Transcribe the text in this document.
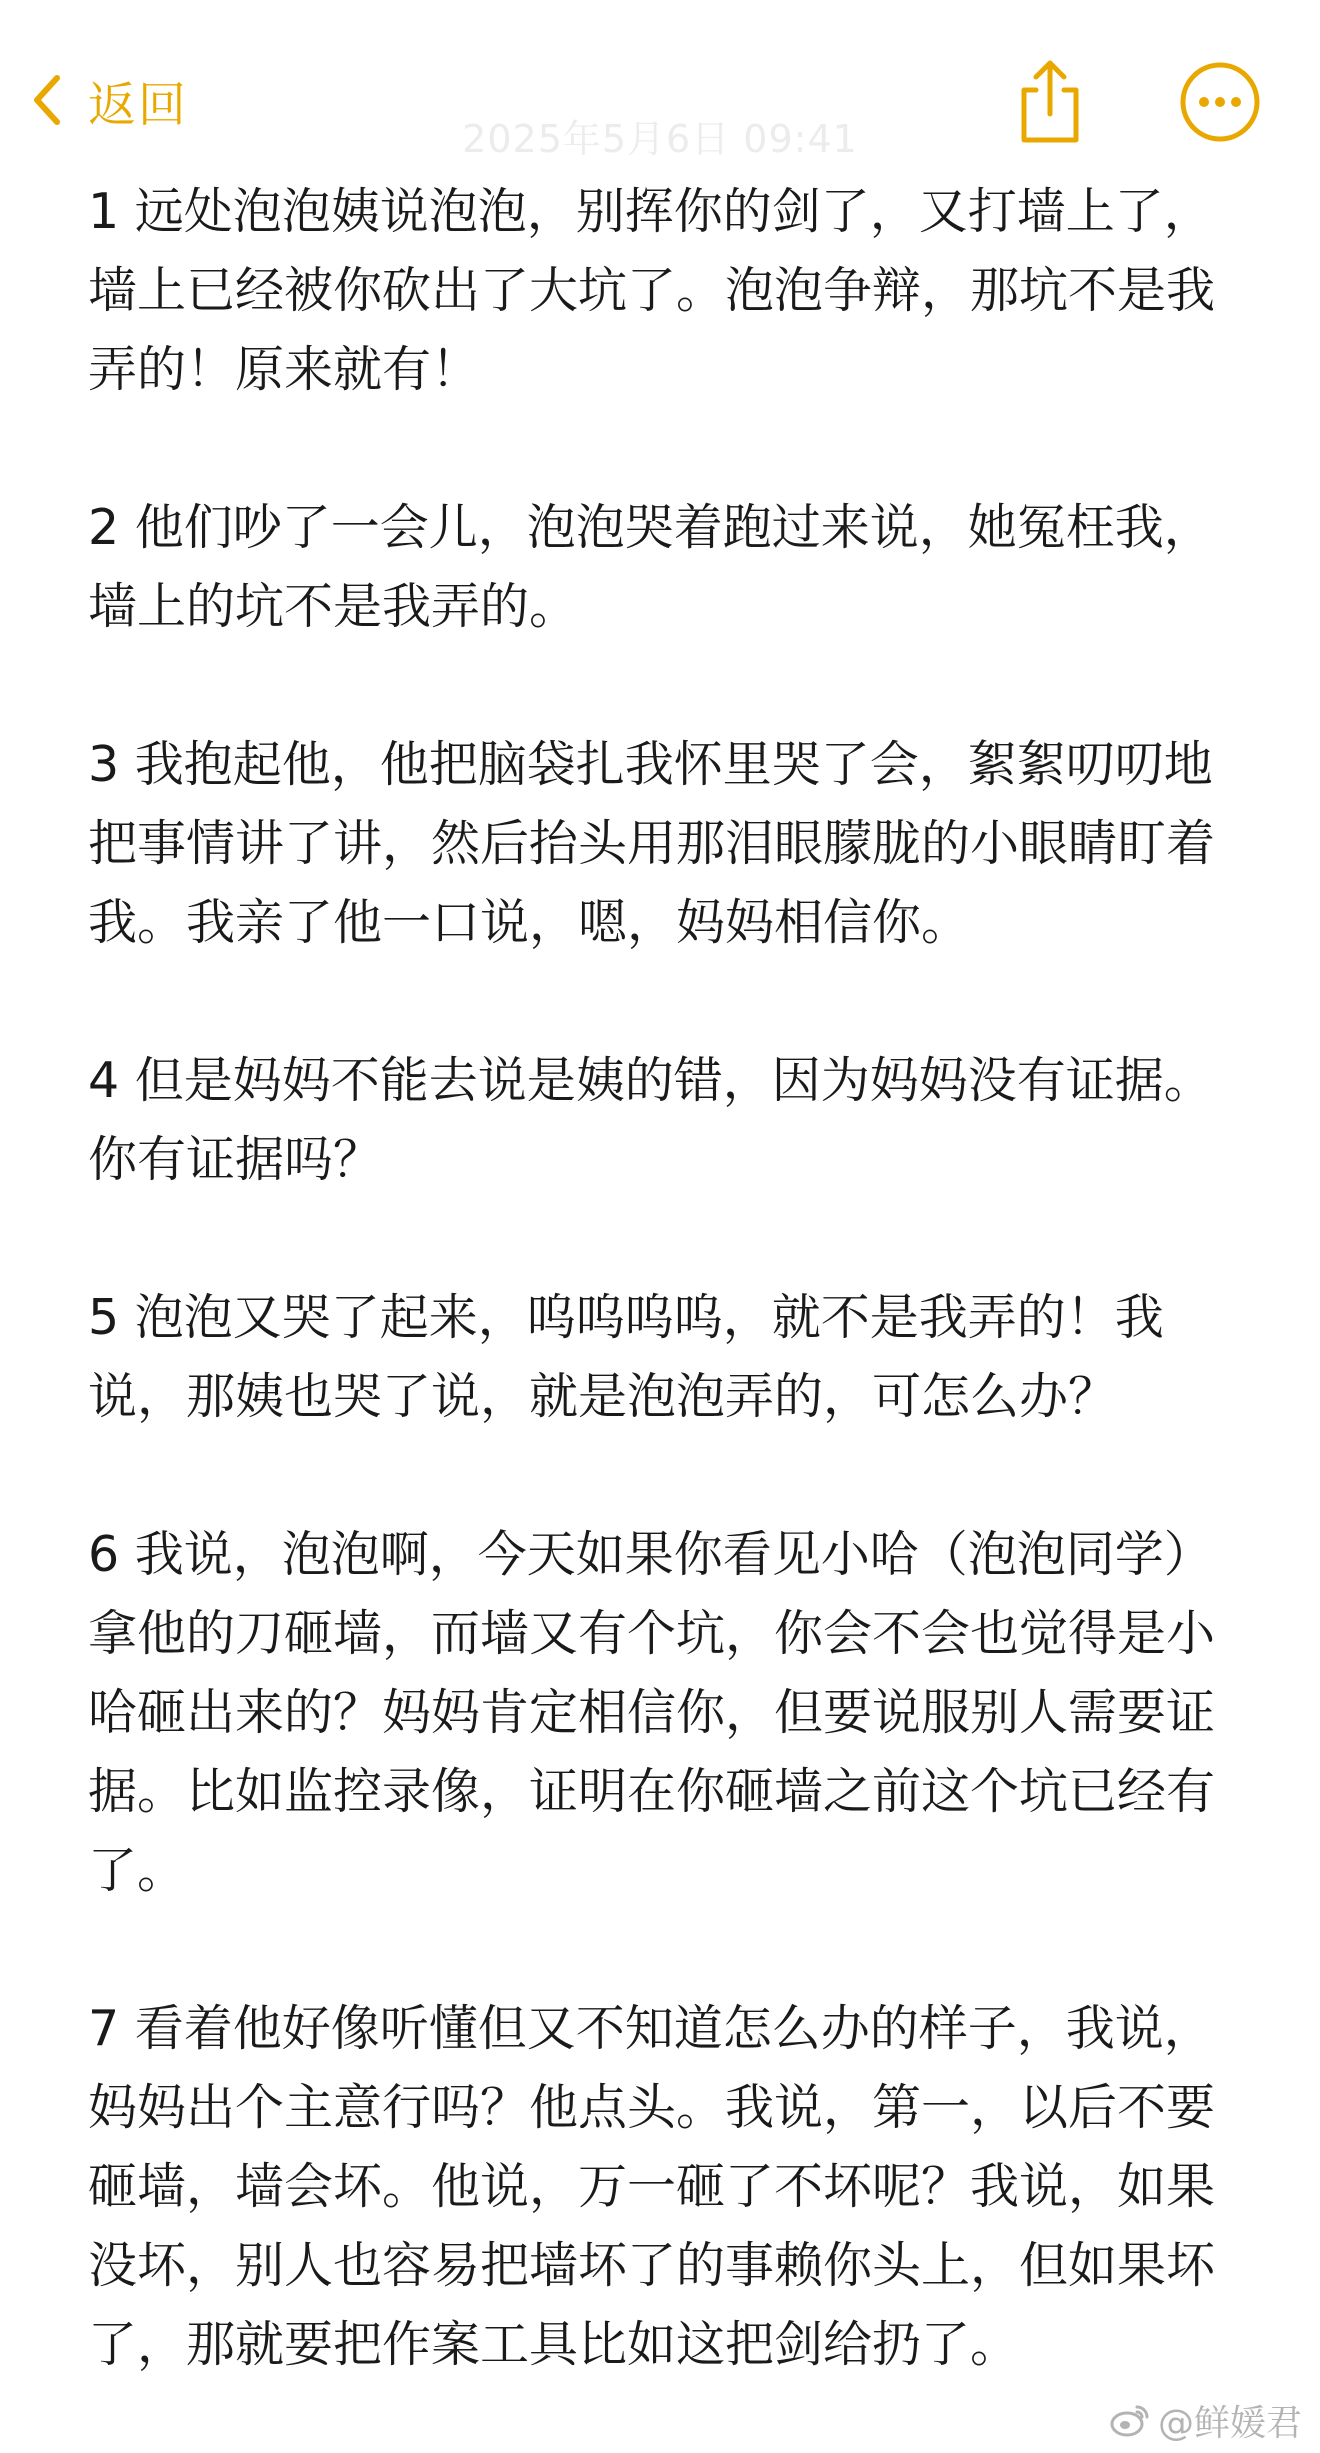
返回
2025年5月6日 09:41

1 远处泡泡姨说泡泡，别挥你的剑了，又打墙上了，墙上已经被你砍出了大坑了。泡泡争辩，那坑不是我弄的！原来就有！

2 他们吵了一会儿，泡泡哭着跑过来说，她冤枉我，墙上的坑不是我弄的。

3 我抱起他，他把脑袋扎我怀里哭了会，絮絮叨叨地把事情讲了讲，然后抬头用那泪眼朦胧的小眼睛盯着我。我亲了他一口说，嗯，妈妈相信你。

4 但是妈妈不能去说是姨的错，因为妈妈没有证据。你有证据吗？

5 泡泡又哭了起来，呜呜呜呜，就不是我弄的！我说，那姨也哭了说，就是泡泡弄的，可怎么办？

6 我说，泡泡啊，今天如果你看见小哈（泡泡同学）拿他的刀砸墙，而墙又有个坑，你会不会也觉得是小哈砸出来的？妈妈肯定相信你，但要说服别人需要证据。比如监控录像，证明在你砸墙之前这个坑已经有了。

7 看着他好像听懂但又不知道怎么办的样子，我说，妈妈出个主意行吗？他点头。我说，第一，以后不要砸墙，墙会坏。他说，万一砸了不坏呢？我说，如果没坏，别人也容易把墙坏了的事赖你头上，但如果坏了，那就要把作案工具比如这把剑给扔了。

@鲜媛君
